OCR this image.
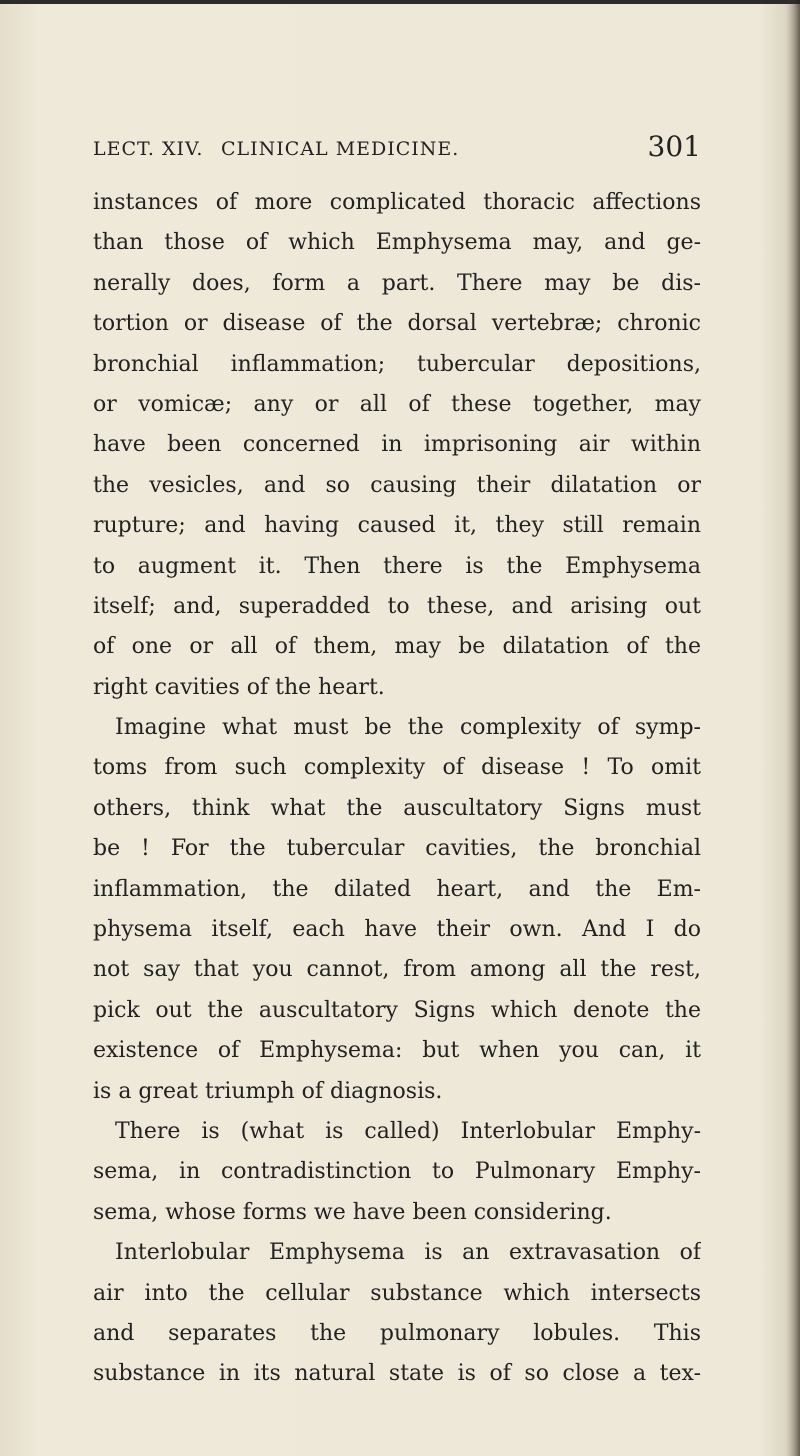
LECT. XIV. CLINICAL MEDICINE.	301
instances of more complicated thoracic affections
than those of which Emphysema may, and ge-
nerally does, form a part. There may be dis-
tortion or disease of the dorsal vertebræ; chronic
bronchial inflammation; tubercular depositions,
or vomicæ; any or all of these together, may
have been concerned in imprisoning air within
the vesicles, and so causing their dilatation or
rupture; and having caused it, they still remain
to augment it. Then there is the Emphysema
itself; and, superadded to these, and arising out
of one or all of them, may be dilatation of the
right cavities of the heart.
Imagine what must be the complexity of symp-
toms from such complexity of disease ! To omit
others, think what the auscultatory Signs must
be ! For the tubercular cavities, the bronchial
inflammation, the dilated heart, and the Em-
physema itself, each have their own. And I do
not say that you cannot, from among all the rest,
pick out the auscultatory Signs which denote the
existence of Emphysema: but when you can, it
is a great triumph of diagnosis.
There is (what is called) Interlobular Emphy-
sema, in contradistinction to Pulmonary Emphy-
sema, whose forms we have been considering.
Interlobular Emphysema is an extravasation of
air into the cellular substance which intersects
and separates the pulmonary lobules. This
substance in its natural state is of so close a tex-
